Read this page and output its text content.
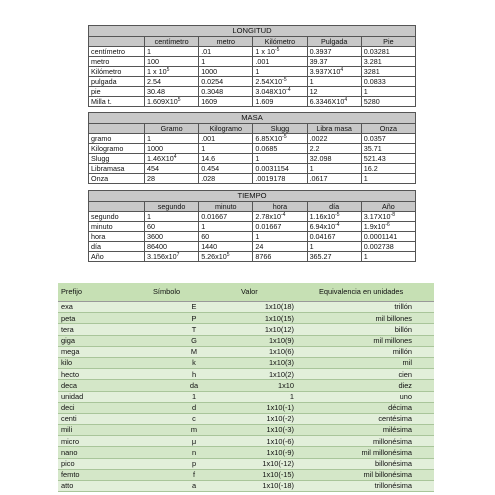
LONGITUD					
	centímetro	metro	Kilómetro	Pulgada	Pie
centímetro	1	.01	1 x $10^{-5}$	0.3937	0.03281
metro	100	1	.001	39.37	3.281
Kilómetro	1 x $10^5$	1000	1	$3.937X10^4$	3281
pulgada	2.54	0.0254	$2.54X10^{-5}$	1	0.0833
pie	30.48	0.3048	$3.048X10^{-4}$	12	1
Milla t.	$1.609X10^5$	1609	1.609	$6.3346X10^4$	5280
MASA					
	Gramo	Kilogramo	Slugg	Libra masa	Onza
gramo	1	.001	$6.85X10^{-5}$	.0022	0.0357
Kilogramo	1000	1	0.0685	2.2	35.71
Slugg	$1.46X10^4$	14.6	1	32.098	521.43
Libramasa	454	0.454	0.0031154	1	16.2
Onza	28	.028	.0019178	.0617	1
TIEMPO					
	segundo	minuto	hora	día	Año
segundo	1	0.01667	$2.78x10^{-4}$	$1.16x10^{-5}$	$3.17X10^{-8}$
minuto	60	1	0.01667	$6.94x10^{-4}$	$1.9x10^{-6}$
hora	3600	60	1	0.04167	0.0001141
día	86400	1440	24	1	0.002738
Año	$3.156x10^7$	$5.26x10^5$	8766	365.27	1
Prefijo	Símbolo	Valor	Equivalencia en unidades
exa	E	1x10(18)	trillón
peta	P	1x10(15)	mil billones
tera	T	1x10(12)	billón
giga	G	1x10(9)	mil millones
mega	M	1x10(6)	millón
kilo	k	1x10(3)	mil
hecto	h	1x10(2)	cien
deca	da	1x10	diez
unidad	1	1	uno
deci	d	1x10(-1)	décima
centi	c	1x10(-2)	centésima
mili	m	1x10(-3)	milésima
micro	μ	1x10(-6)	millonésima
nano	n	1x10(-9)	mil millonésima
pico	p	1x10(-12)	billonésima
femto	f	1x10(-15)	mil billonésima
atto	a	1x10(-18)	trillonésima
